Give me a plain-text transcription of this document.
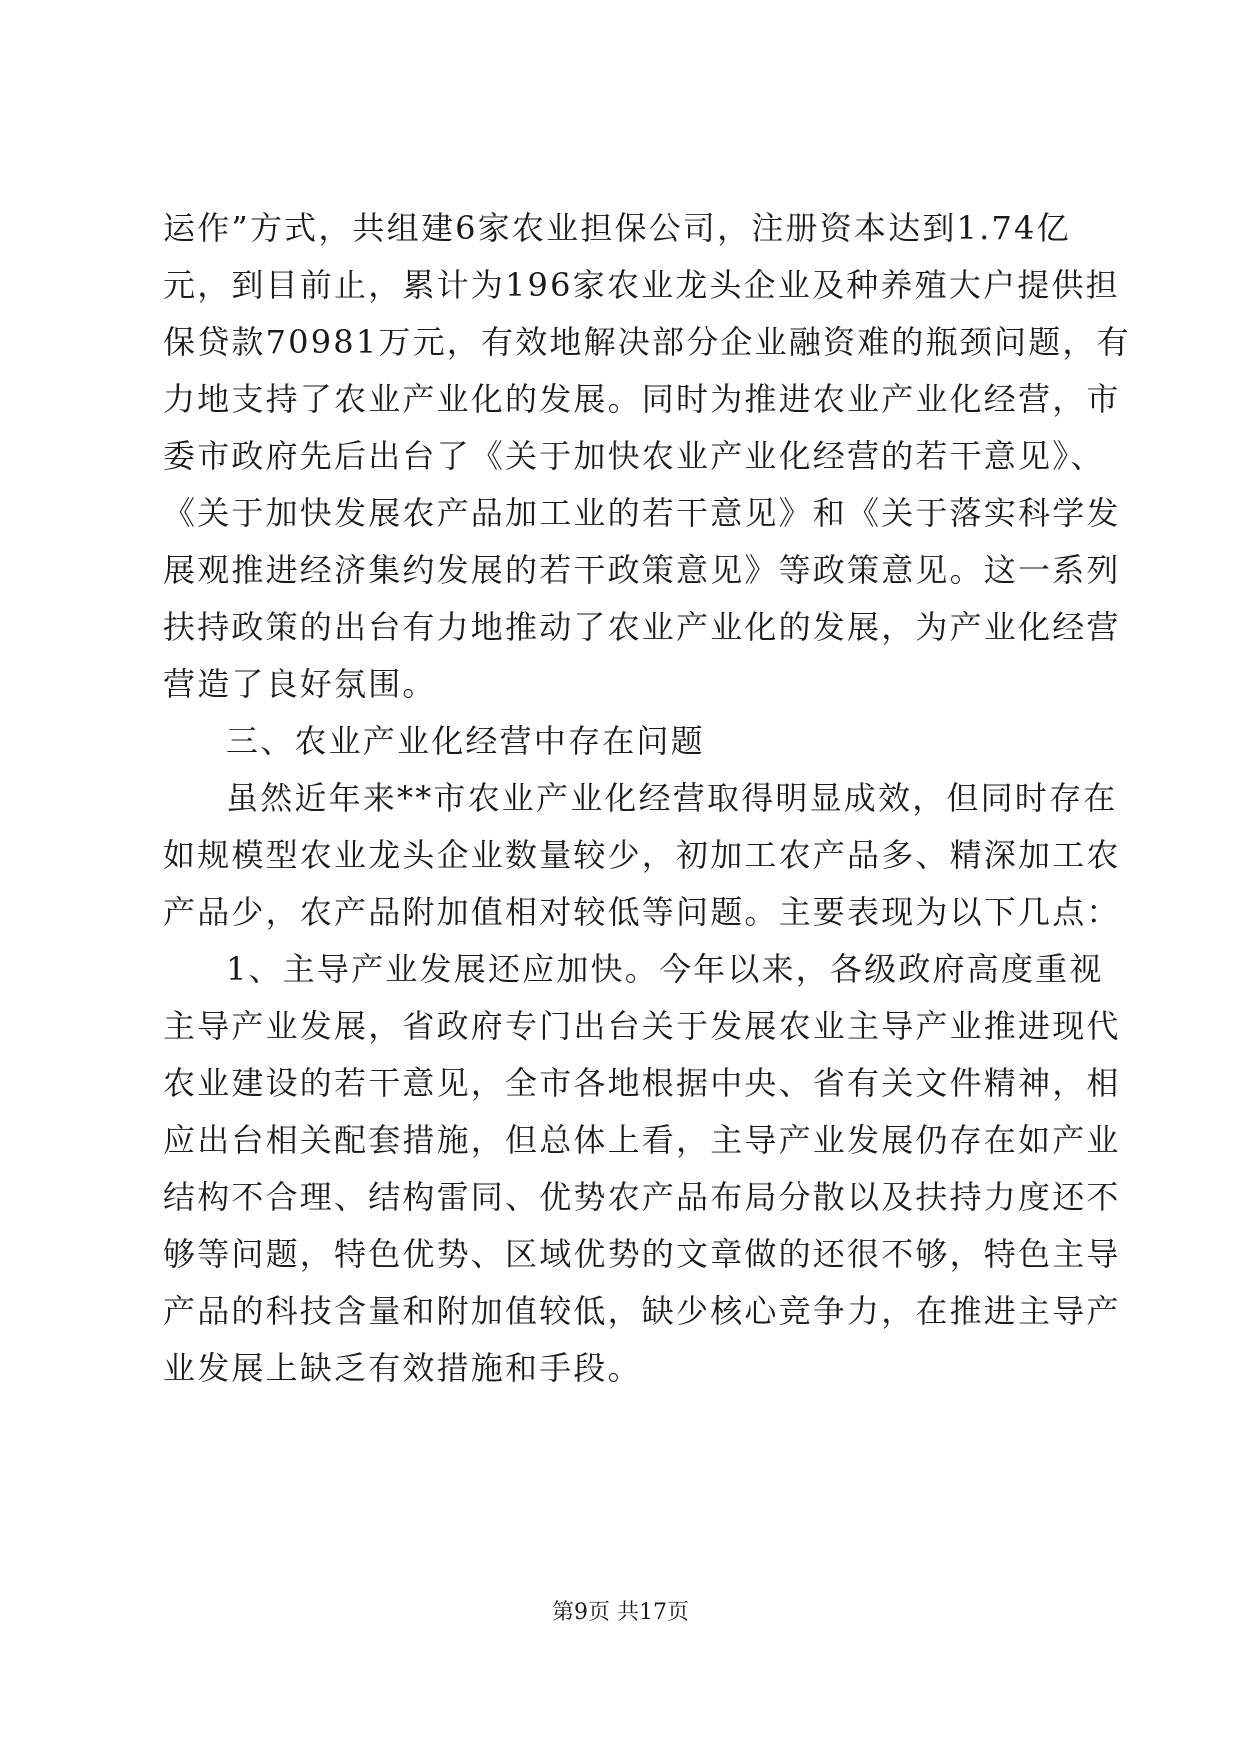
运作”方式，共组建6家农业担保公司，注册资本达到1.74亿
元，到目前止，累计为196家农业龙头企业及种养殖大户提供担
保贷款70981万元，有效地解决部分企业融资难的瓶颈问题，有
力地支持了农业产业化的发展。同时为推进农业产业化经营，市
委市政府先后出台了《关于加快农业产业化经营的若干意见》、
《关于加快发展农产品加工业的若干意见》和《关于落实科学发
展观推进经济集约发展的若干政策意见》等政策意见。这一系列
扶持政策的出台有力地推动了农业产业化的发展，为产业化经营
营造了良好氛围。
三、农业产业化经营中存在问题
虽然近年来**市农业产业化经营取得明显成效，但同时存在
如规模型农业龙头企业数量较少，初加工农产品多、精深加工农
产品少，农产品附加值相对较低等问题。主要表现为以下几点：
1、主导产业发展还应加快。今年以来，各级政府高度重视
主导产业发展，省政府专门出台关于发展农业主导产业推进现代
农业建设的若干意见，全市各地根据中央、省有关文件精神，相
应出台相关配套措施，但总体上看，主导产业发展仍存在如产业
结构不合理、结构雷同、优势农产品布局分散以及扶持力度还不
够等问题，特色优势、区域优势的文章做的还很不够，特色主导
产品的科技含量和附加值较低，缺少核心竞争力，在推进主导产
业发展上缺乏有效措施和手段。
第9页 共17页
